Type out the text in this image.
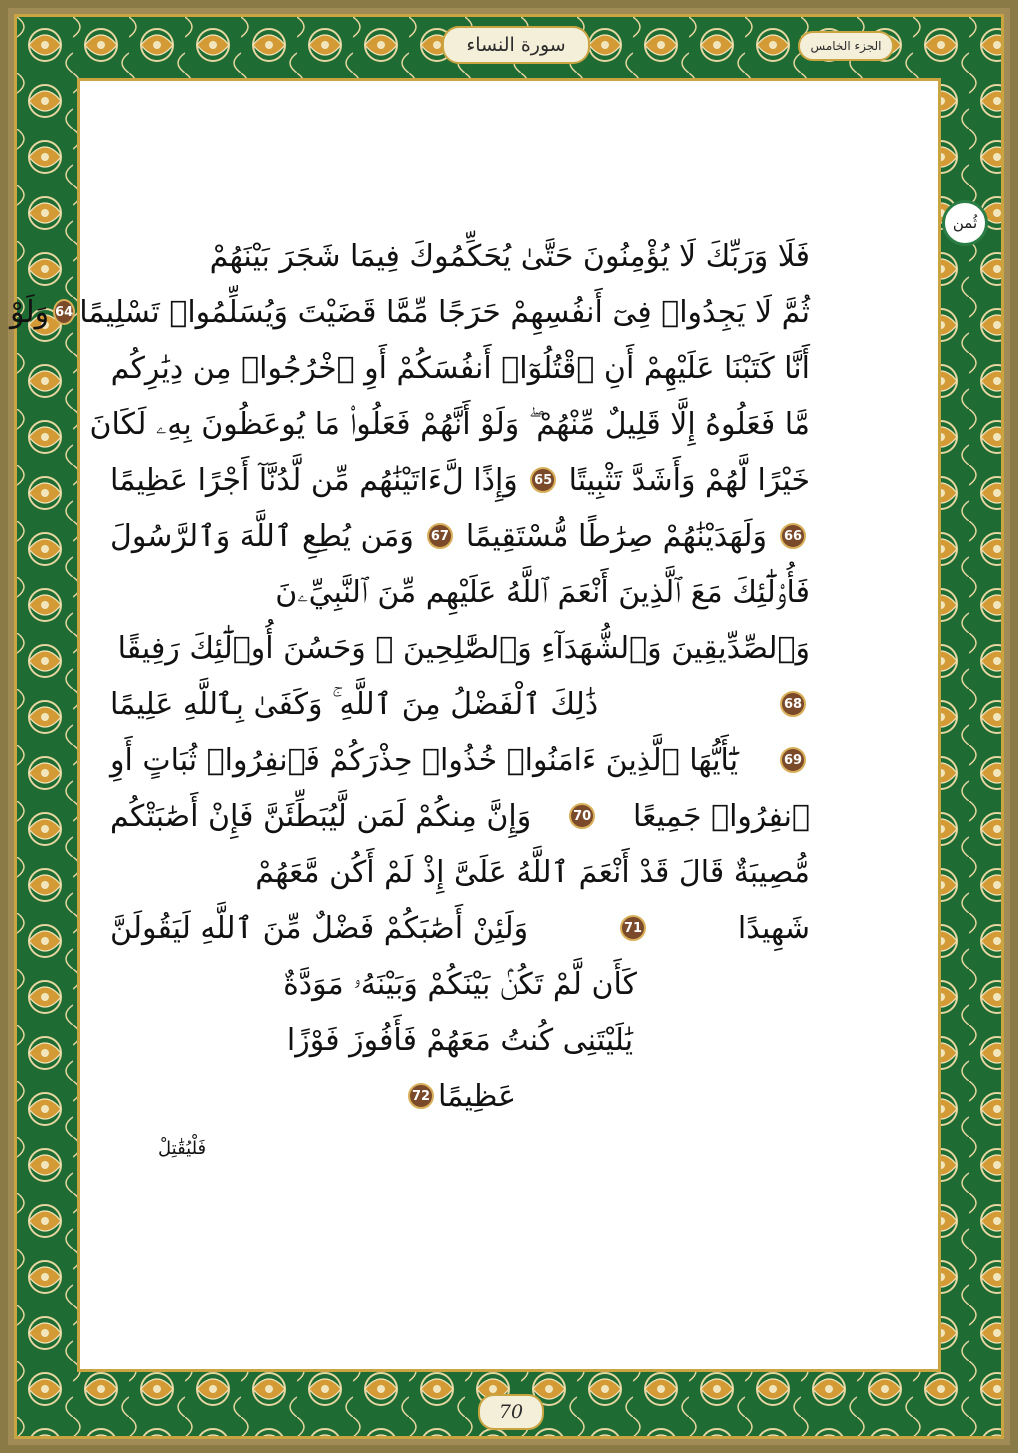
سورة النساء	الجزء الخامس
ثُمن
فَلَا وَرَبِّكَ لَا يُؤْمِنُونَ حَتَّىٰ يُحَكِّمُوكَ فِيمَا شَجَرَ بَيْنَهُمْ
ثُمَّ لَا يَجِدُوا۟ فِىٓ أَنفُسِهِمْ حَرَجًا مِّمَّا قَضَيْتَ وَيُسَلِّمُوا۟ تَسْلِيمًا
64
وَلَوْ
أَنَّا كَتَبْنَا عَلَيْهِمْ أَنِ ٱقْتُلُوٓا۟ أَنفُسَكُمْ أَوِ ٱخْرُجُوا۟ مِن دِيَٰرِكُم
مَّا فَعَلُوهُ إِلَّا قَلِيلٌ مِّنْهُمْ ۖ وَلَوْ أَنَّهُمْ فَعَلُوا۟ مَا يُوعَظُونَ بِهِۦ لَكَانَ
خَيْرًا لَّهُمْ وَأَشَدَّ تَثْبِيتًا
65
وَإِذًا لَّءَاتَيْنَٰهُم مِّن لَّدُنَّآ أَجْرًا عَظِيمًا
66
وَلَهَدَيْنَٰهُمْ صِرَٰطًا مُّسْتَقِيمًا
67
وَمَن يُطِعِ ٱللَّهَ وَٱلرَّسُولَ
فَأُو۟لَٰٓئِكَ مَعَ ٱلَّذِينَ أَنْعَمَ ٱللَّهُ عَلَيْهِم مِّنَ ٱلنَّبِيِّۦنَ
وَٱلصِّدِّيقِينَ وَٱلشُّهَدَآءِ وَٱلصَّٰلِحِينَ ۚ وَحَسُنَ أُو۟لَٰٓئِكَ رَفِيقًا
68
ذَٰلِكَ ٱلْفَضْلُ مِنَ ٱللَّهِ ۚ وَكَفَىٰ بِٱللَّهِ عَلِيمًا
69
يَٰٓأَيُّهَا ٱلَّذِينَ ءَامَنُوا۟ خُذُوا۟ حِذْرَكُمْ فَٱنفِرُوا۟ ثُبَاتٍ أَوِ
ٱنفِرُوا۟ جَمِيعًا
70
وَإِنَّ مِنكُمْ لَمَن لَّيُبَطِّئَنَّ فَإِنْ أَصَٰبَتْكُم
مُّصِيبَةٌ قَالَ قَدْ أَنْعَمَ ٱللَّهُ عَلَىَّ إِذْ لَمْ أَكُن مَّعَهُمْ
شَهِيدًا
71
وَلَئِنْ أَصَٰبَكُمْ فَضْلٌ مِّنَ ٱللَّهِ لَيَقُولَنَّ
كَأَن لَّمْ تَكُنۢ بَيْنَكُمْ وَبَيْنَهُۥ مَوَدَّةٌ
يَٰلَيْتَنِى كُنتُ مَعَهُمْ فَأَفُوزَ فَوْزًا
عَظِيمًا
72
فَلْيُقَٰتِلْ
70
